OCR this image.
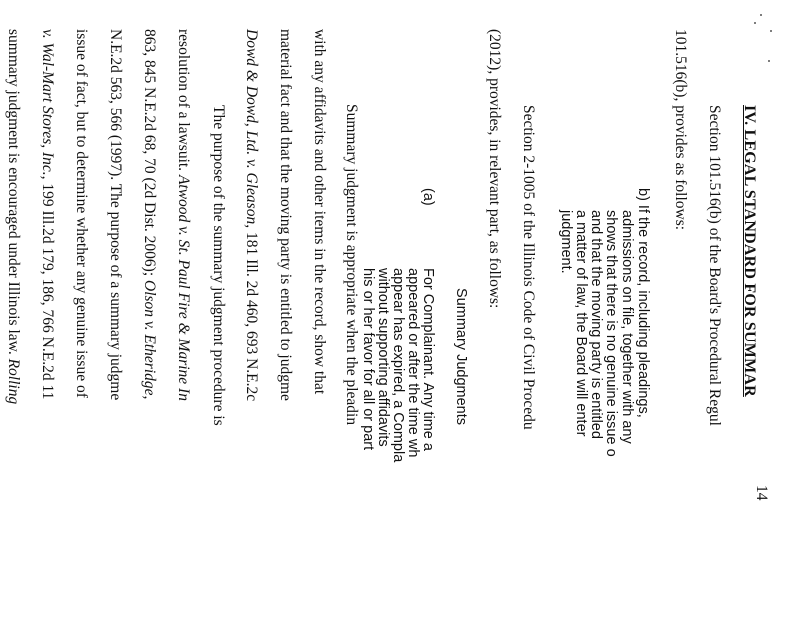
IV. LEGAL STANDARD FOR SUMMAR
Section 101.516(b) of the Board's Procedural Regul
101.516(b), provides as follows:
b) If the record, including pleadings,
admissions on file, together with any
shows that there is no genuine issue o
and that the moving party is entitled
a matter of law, the Board will enter
judgment.
Section 2-1005 of the Illinois Code of Civil Procedu
(2012), provides, in relevant part, as follows:
Summary Judgments
(a)
For Complainant. Any time a
appeared or after the time wh
appear has expired, a Compla
without supporting affidavits
his or her favor for all or part
Summary judgment is appropriate when the pleadin
with any affidavits and other items in the record, show that
material fact and that the moving party is entitled to judgme
Dowd & Dowd, Ltd. v. Gleason, 181 Ill. 2d 460, 693 N.E.2c
The purpose of the summary judgment procedure is
resolution of a lawsuit. Atwood v. St. Paul Fire & Marine In
863, 845 N.E.2d 68, 70 (2d Dist. 2006); Olson v. Etheridge,
N.E.2d 563, 566 (1997). The purpose of a summary judgme
issue of fact, but to determine whether any genuine issue of
v. Wal-Mart Stores, Inc., 199 Ill.2d 179, 186, 766 N.E.2d 11
summary judgment is encouraged under Illinois law. Rolling
14
